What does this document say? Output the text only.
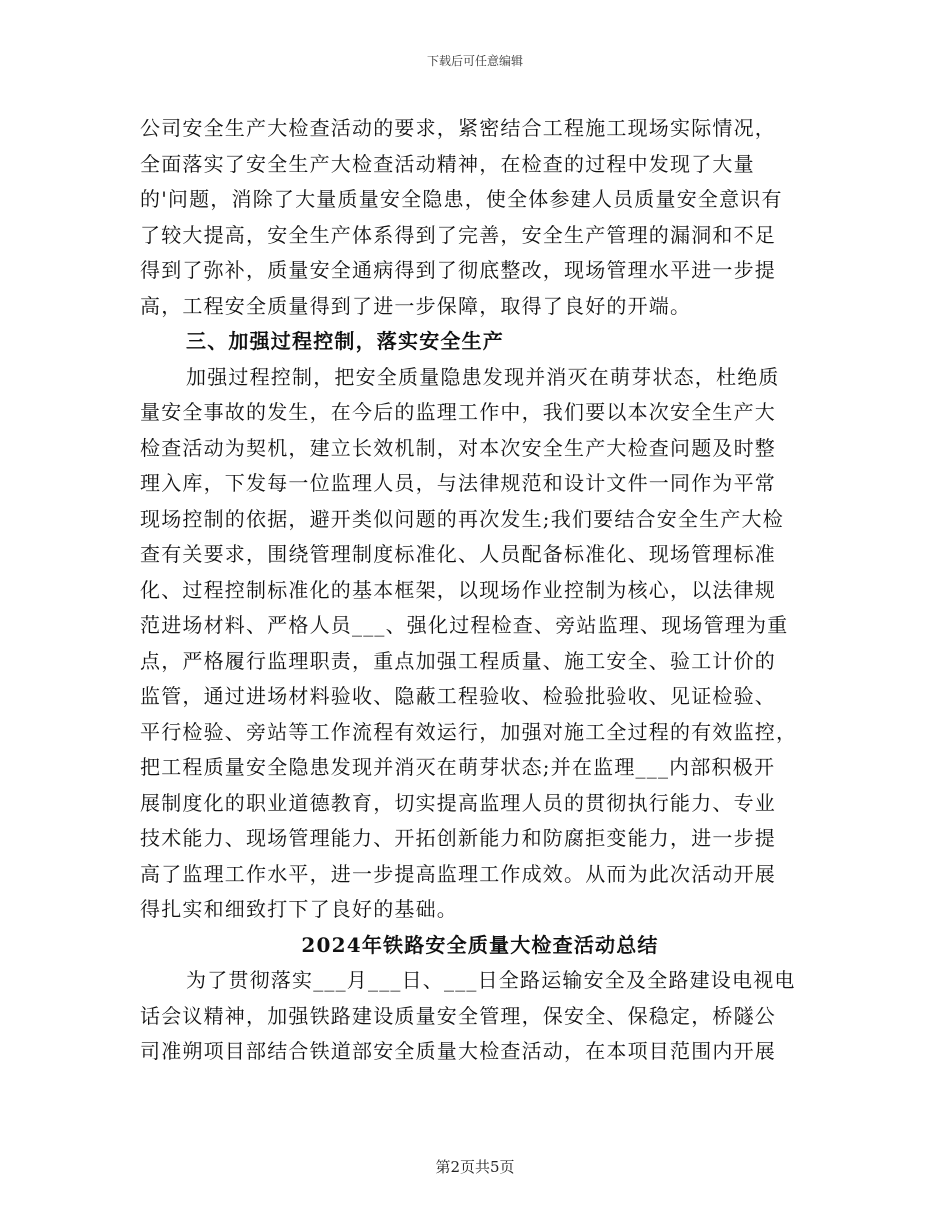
下载后可任意编辑
公司安全生产大检查活动的要求，紧密结合工程施工现场实际情况，
全面落实了安全生产大检查活动精神，在检查的过程中发现了大量
的'问题，消除了大量质量安全隐患，使全体参建人员质量安全意识有
了较大提高，安全生产体系得到了完善，安全生产管理的漏洞和不足
得到了弥补，质量安全通病得到了彻底整改，现场管理水平进一步提
高，工程安全质量得到了进一步保障，取得了良好的开端。
三、加强过程控制，落实安全生产
加强过程控制，把安全质量隐患发现并消灭在萌芽状态，杜绝质
量安全事故的发生，在今后的监理工作中，我们要以本次安全生产大
检查活动为契机，建立长效机制，对本次安全生产大检查问题及时整
理入库，下发每一位监理人员，与法律规范和设计文件一同作为平常
现场控制的依据，避开类似问题的再次发生;我们要结合安全生产大检
查有关要求，围绕管理制度标准化、人员配备标准化、现场管理标准
化、过程控制标准化的基本框架，以现场作业控制为核心，以法律规
范进场材料、严格人员___、强化过程检查、旁站监理、现场管理为重
点，严格履行监理职责，重点加强工程质量、施工安全、验工计价的
监管，通过进场材料验收、隐蔽工程验收、检验批验收、见证检验、
平行检验、旁站等工作流程有效运行，加强对施工全过程的有效监控，
把工程质量安全隐患发现并消灭在萌芽状态;并在监理___内部积极开
展制度化的职业道德教育，切实提高监理人员的贯彻执行能力、专业
技术能力、现场管理能力、开拓创新能力和防腐拒变能力，进一步提
高了监理工作水平，进一步提高监理工作成效。从而为此次活动开展
得扎实和细致打下了良好的基础。
2024年铁路安全质量大检查活动总结
为了贯彻落实___月___日、___日全路运输安全及全路建设电视电
话会议精神，加强铁路建设质量安全管理，保安全、保稳定，桥隧公
司准朔项目部结合铁道部安全质量大检查活动，在本项目范围内开展
第2页共5页
